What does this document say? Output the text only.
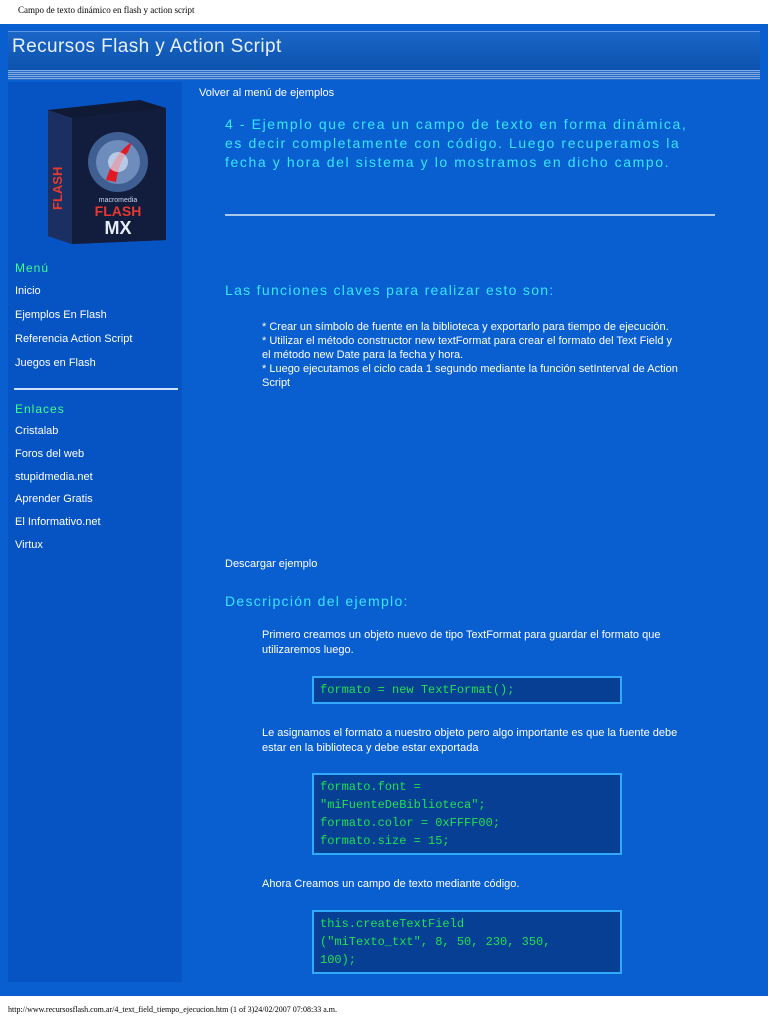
Campo de texto dinámico en flash y action script
Recursos Flash y Action Script
macromedia
FLASH
MX
FLASH
Menú
Inicio
Ejemplos En Flash
Referencia Action Script
Juegos en Flash
Enlaces
Cristalab
Foros del web
stupidmedia.net
Aprender Gratis
El Informativo.net
Virtux
Volver al menú de ejemplos
4 - Ejemplo que crea un campo de texto en forma dinámica, es decir completamente con código. Luego recuperamos la fecha y hora del sistema y lo mostramos en dicho campo.
Las funciones claves para realizar esto son:
* Crear un símbolo de fuente en la biblioteca y exportarlo para tiempo de ejecución.
* Utilizar el método constructor new textFormat para crear el formato del Text Field y el método new Date para la fecha y hora.
* Luego ejecutamos el ciclo cada 1 segundo mediante la función setInterval de Action Script
Descargar ejemplo
Descripción del ejemplo:
Primero creamos un objeto nuevo de tipo TextFormat para guardar el formato que utilizaremos luego.
formato = new TextFormat();
Le asignamos el formato a nuestro objeto pero algo importante es que la fuente debe estar en la biblioteca y debe estar exportada
formato.font =
"miFuenteDeBiblioteca";
formato.color = 0xFFFF00;
formato.size = 15;
Ahora Creamos un campo de texto mediante código.
this.createTextField
("miTexto_txt", 8, 50, 230, 350,
100);
http://www.recursosflash.com.ar/4_text_field_tiempo_ejecucion.htm (1 of 3)24/02/2007 07:08:33 a.m.
